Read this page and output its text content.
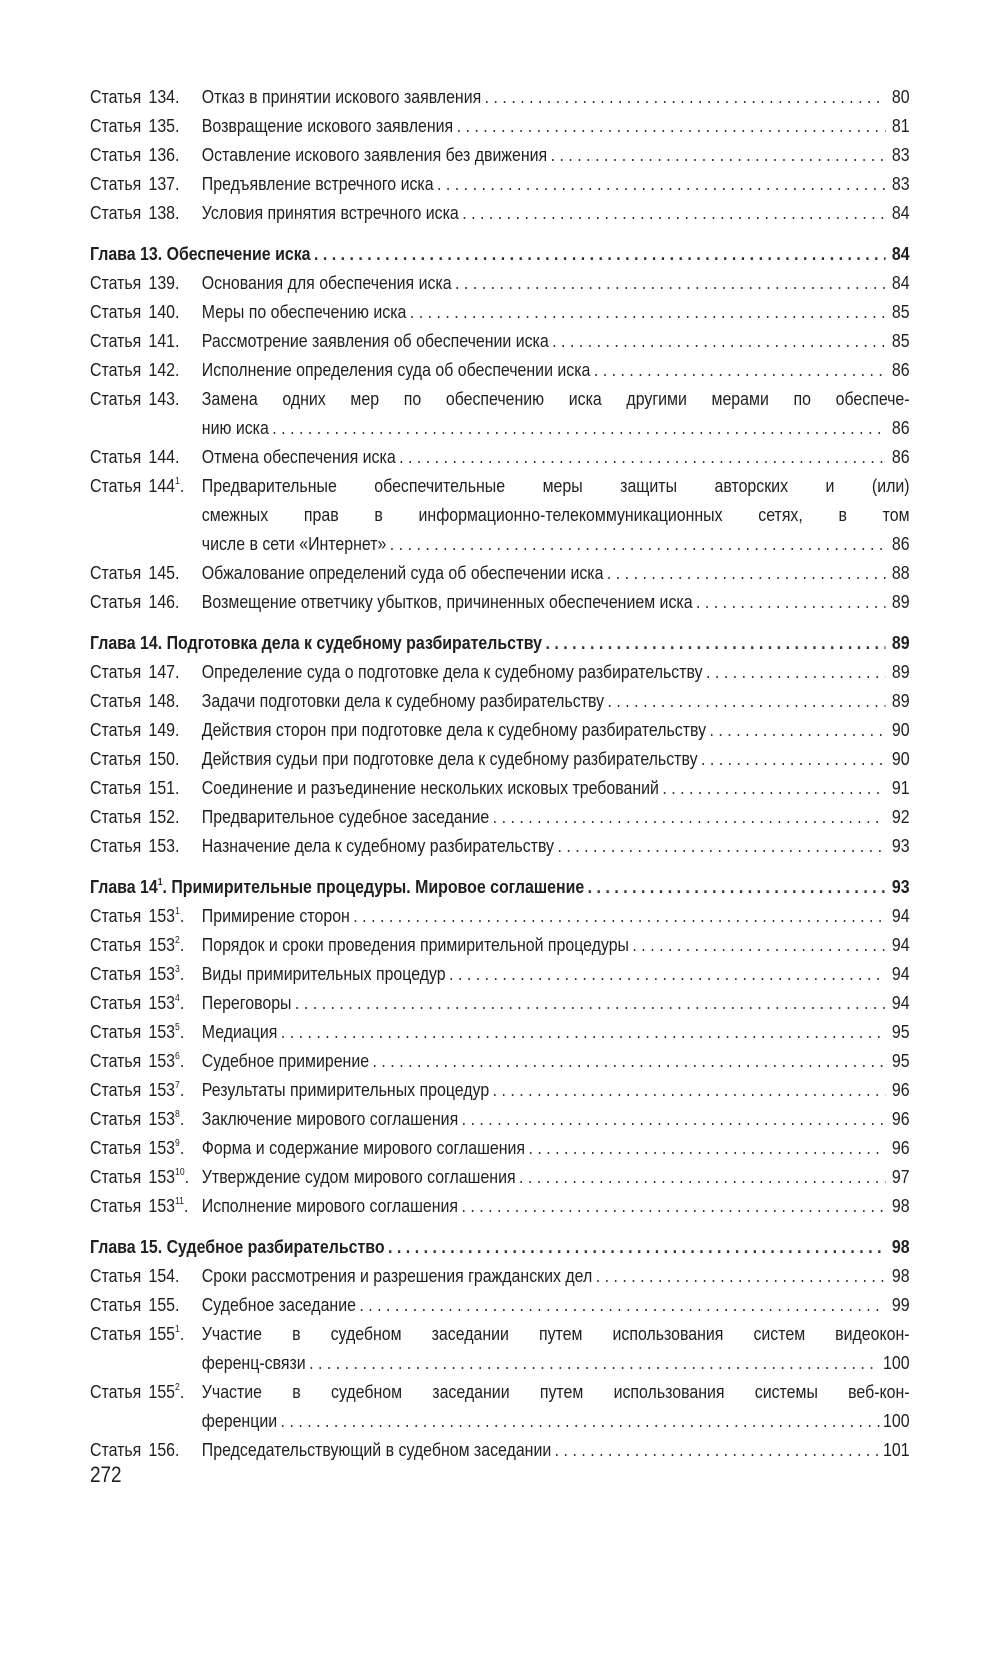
Статья 134.	Отказ в принятии искового заявления .....	80
Статья 135.	Возвращение искового заявления .....	81
Статья 136.	Оставление искового заявления без движения .....	83
Статья 137.	Предъявление встречного иска .....	83
Статья 138.	Условия принятия встречного иска .....	84
Глава 13. Обеспечение иска .....	84
Статья 139.	Основания для обеспечения иска .....	84
Статья 140.	Меры по обеспечению иска .....	85
Статья 141.	Рассмотрение заявления об обеспечении иска .....	85
Статья 142.	Исполнение определения суда об обеспечении иска .....	86
Статья 143.	Замена одних мер по обеспечению иска другими мерами по обеспече-
нию иска .....	86
Статья 144.	Отмена обеспечения иска .....	86
Статья $144^1$. Предварительные обеспечительные меры защиты авторских и (или)
смежных прав в информационно-телекоммуникационных сетях, в том
числе в сети «Интернет» .....	86
Статья 145.	Обжалование определений суда об обеспечении иска .....	88
Статья 146.	Возмещение ответчику убытков, причиненных обеспечением иска .....	89
Глава 14. Подготовка дела к судебному разбирательству .....	89
Статья 147.	Определение суда о подготовке дела к судебному разбирательству .....	89
Статья 148.	Задачи подготовки дела к судебному разбирательству .....	89
Статья 149.	Действия сторон при подготовке дела к судебному разбирательству .....	90
Статья 150.	Действия судьи при подготовке дела к судебному разбирательству .....	90
Статья 151.	Соединение и разъединение нескольких исковых требований .....	91
Статья 152.	Предварительное судебное заседание .....	92
Статья 153.	Назначение дела к судебному разбирательству .....	93
Глава $14^1$. Примирительные процедуры. Мировое соглашение .....	93
Статья $153^1$. Примирение сторон .....	94
Статья $153^2$. Порядок и сроки проведения примирительной процедуры .....	94
Статья $153^3$. Виды примирительных процедур .....	94
Статья $153^4$. Переговоры .....	94
Статья $153^5$. Медиация .....	95
Статья $153^6$. Судебное примирение .....	95
Статья $153^7$. Результаты примирительных процедур .....	96
Статья $153^8$. Заключение мирового соглашения .....	96
Статья $153^9$. Форма и содержание мирового соглашения .....	96
Статья $153^{10}$. Утверждение судом мирового соглашения .....	97
Статья $153^{11}$. Исполнение мирового соглашения .....	98
Глава 15. Судебное разбирательство .....	98
Статья 154.	Сроки рассмотрения и разрешения гражданских дел .....	98
Статья 155.	Судебное заседание .....	99
Статья $155^1$. Участие в судебном заседании путем использования систем видеокон-
ференц-связи .....	100
Статья $155^2$. Участие в судебном заседании путем использования системы веб-кон-
ференции .....	100
Статья 156.	Председательствующий в судебном заседании .....	101
272
